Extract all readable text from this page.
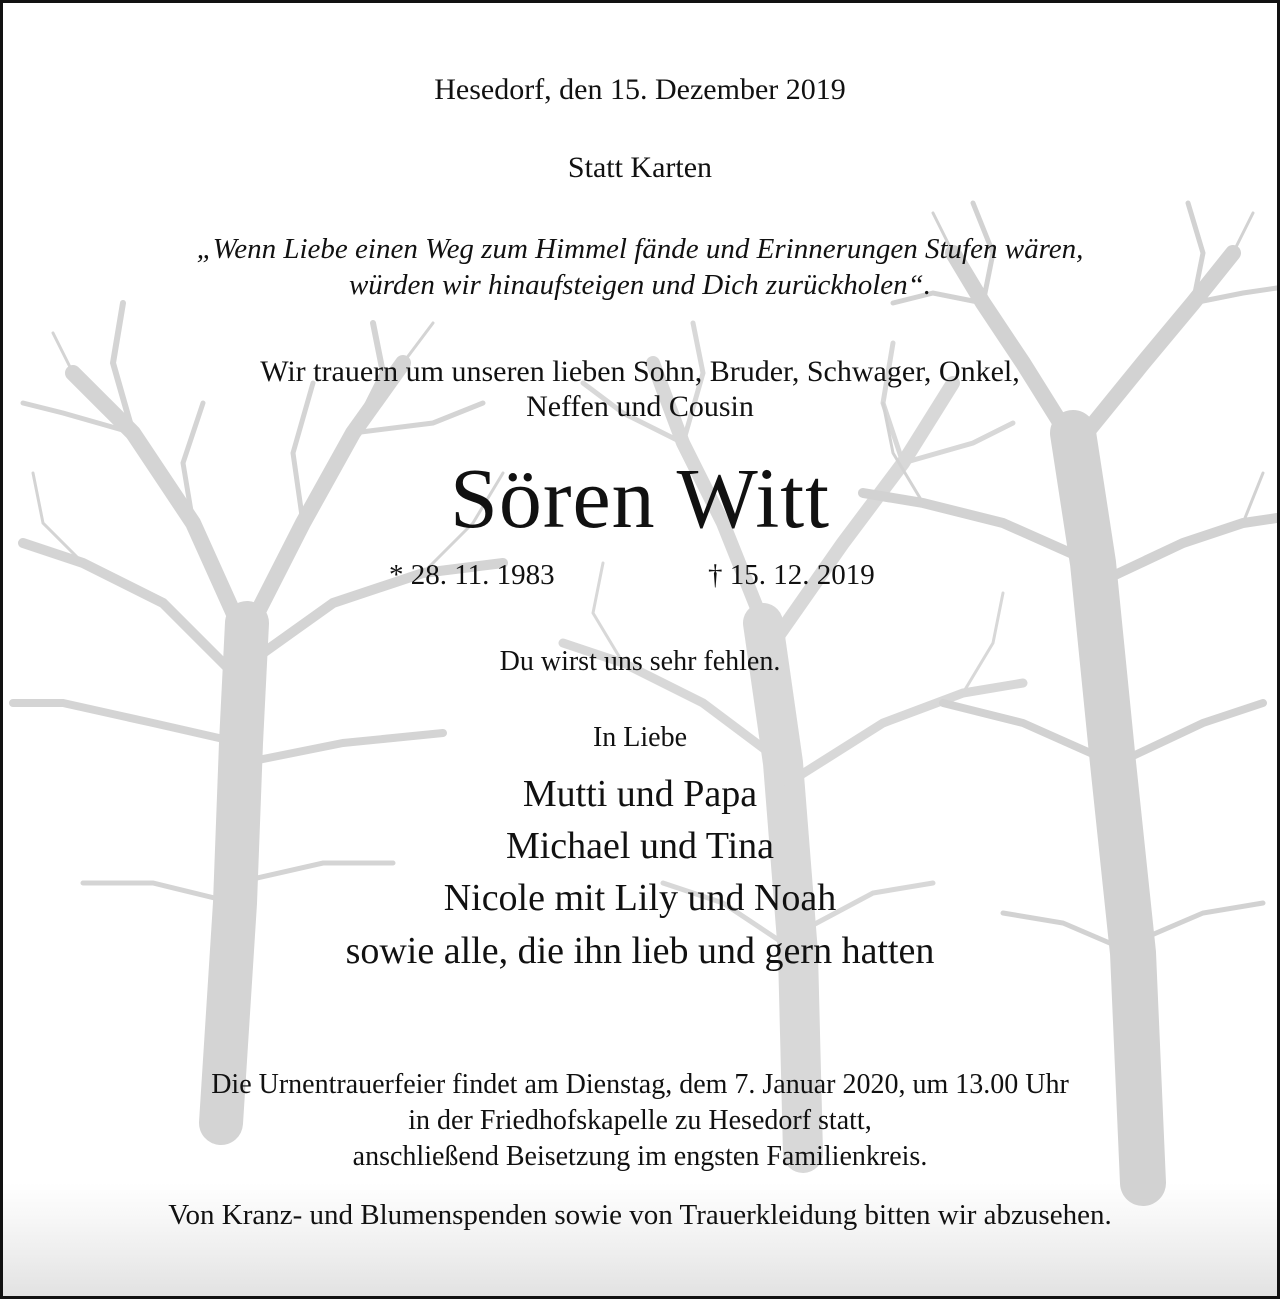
Hesedorf, den 15. Dezember 2019
Statt Karten
„Wenn Liebe einen Weg zum Himmel fände und Erinnerungen Stufen wären,
würden wir hinaufsteigen und Dich zurückholen“.
Wir trauern um unseren lieben Sohn, Bruder, Schwager, Onkel,
Neffen und Cousin
Sören Witt
* 28. 11. 1983	† 15. 12. 2019
Du wirst uns sehr fehlen.
In Liebe
Mutti und Papa
Michael und Tina
Nicole mit Lily und Noah
sowie alle, die ihn lieb und gern hatten
Die Urnentrauerfeier findet am Dienstag, dem 7. Januar 2020, um 13.00 Uhr
in der Friedhofskapelle zu Hesedorf statt,
anschließend Beisetzung im engsten Familienkreis.
Von Kranz- und Blumenspenden sowie von Trauerkleidung bitten wir abzusehen.
